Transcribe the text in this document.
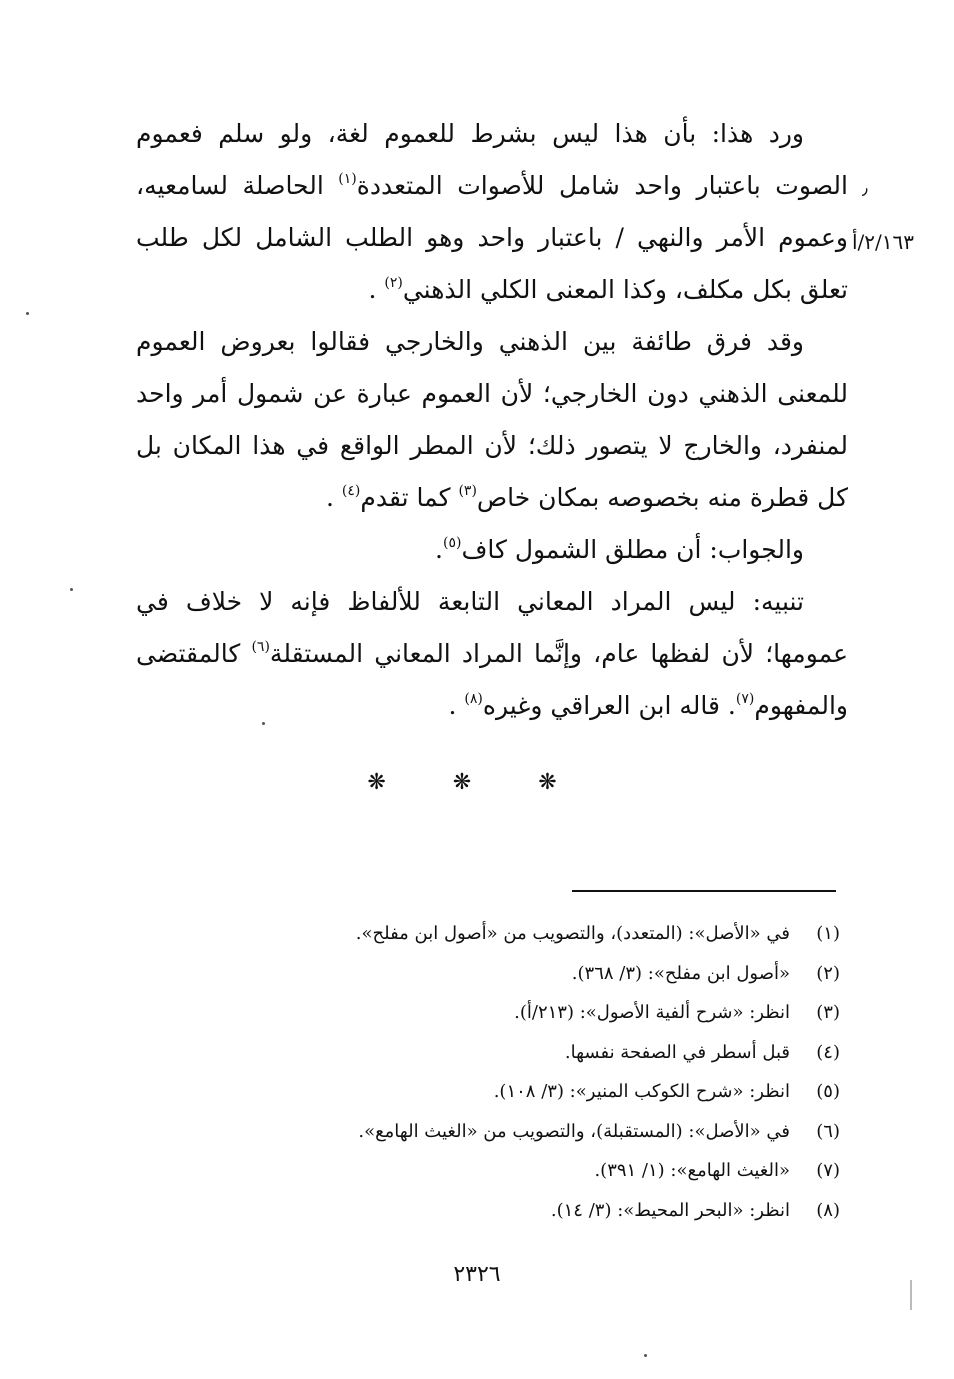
٫
٢/١٦٣/أ

ورد هذا: بأن هذا ليس بشرط للعموم لغة، ولو سلم فعموم الصوت باعتبار واحد شامل للأصوات المتعددة$^{(١)}$ الحاصلة لسامعيه، وعموم الأمر والنهي / باعتبار واحد وهو الطلب الشامل لكل طلب تعلق بكل مكلف، وكذا المعنى الكلي الذهني$^{(٢)}$ .

وقد فرق طائفة بين الذهني والخارجي فقالوا بعروض العموم للمعنى الذهني دون الخارجي؛ لأن العموم عبارة عن شمول أمر واحد لمنفرد، والخارج لا يتصور ذلك؛ لأن المطر الواقع في هذا المكان بل كل قطرة منه بخصوصه بمكان خاص$^{(٣)}$ كما تقدم$^{(٤)}$ .

والجواب: أن مطلق الشمول كاف$^{(٥)}$.

تنبيه: ليس المراد المعاني التابعة للألفاظ فإنه لا خلاف في عمومها؛ لأن لفظها عام، وإنَّما المراد المعاني المستقلة$^{(٦)}$ كالمقتضى والمفهوم$^{(٧)}$. قاله ابن العراقي وغيره$^{(٨)}$ .

❋ ❋ ❋
(١)في «الأصل»: (المتعدد)، والتصويب من «أصول ابن مفلح».
(٢)«أصول ابن مفلح»: (٣/ ٣٦٨).
(٣)انظر: «شرح ألفية الأصول»: (٢١٣/أ).
(٤)قبل أسطر في الصفحة نفسها.
(٥)انظر: «شرح الكوكب المنير»: (٣/ ١٠٨).
(٦)في «الأصل»: (المستقبلة)، والتصويب من «الغيث الهامع».
(٧)«الغيث الهامع»: (١/ ٣٩١).
(٨)انظر: «البحر المحيط»: (٣/ ١٤).
٢٣٢٦
